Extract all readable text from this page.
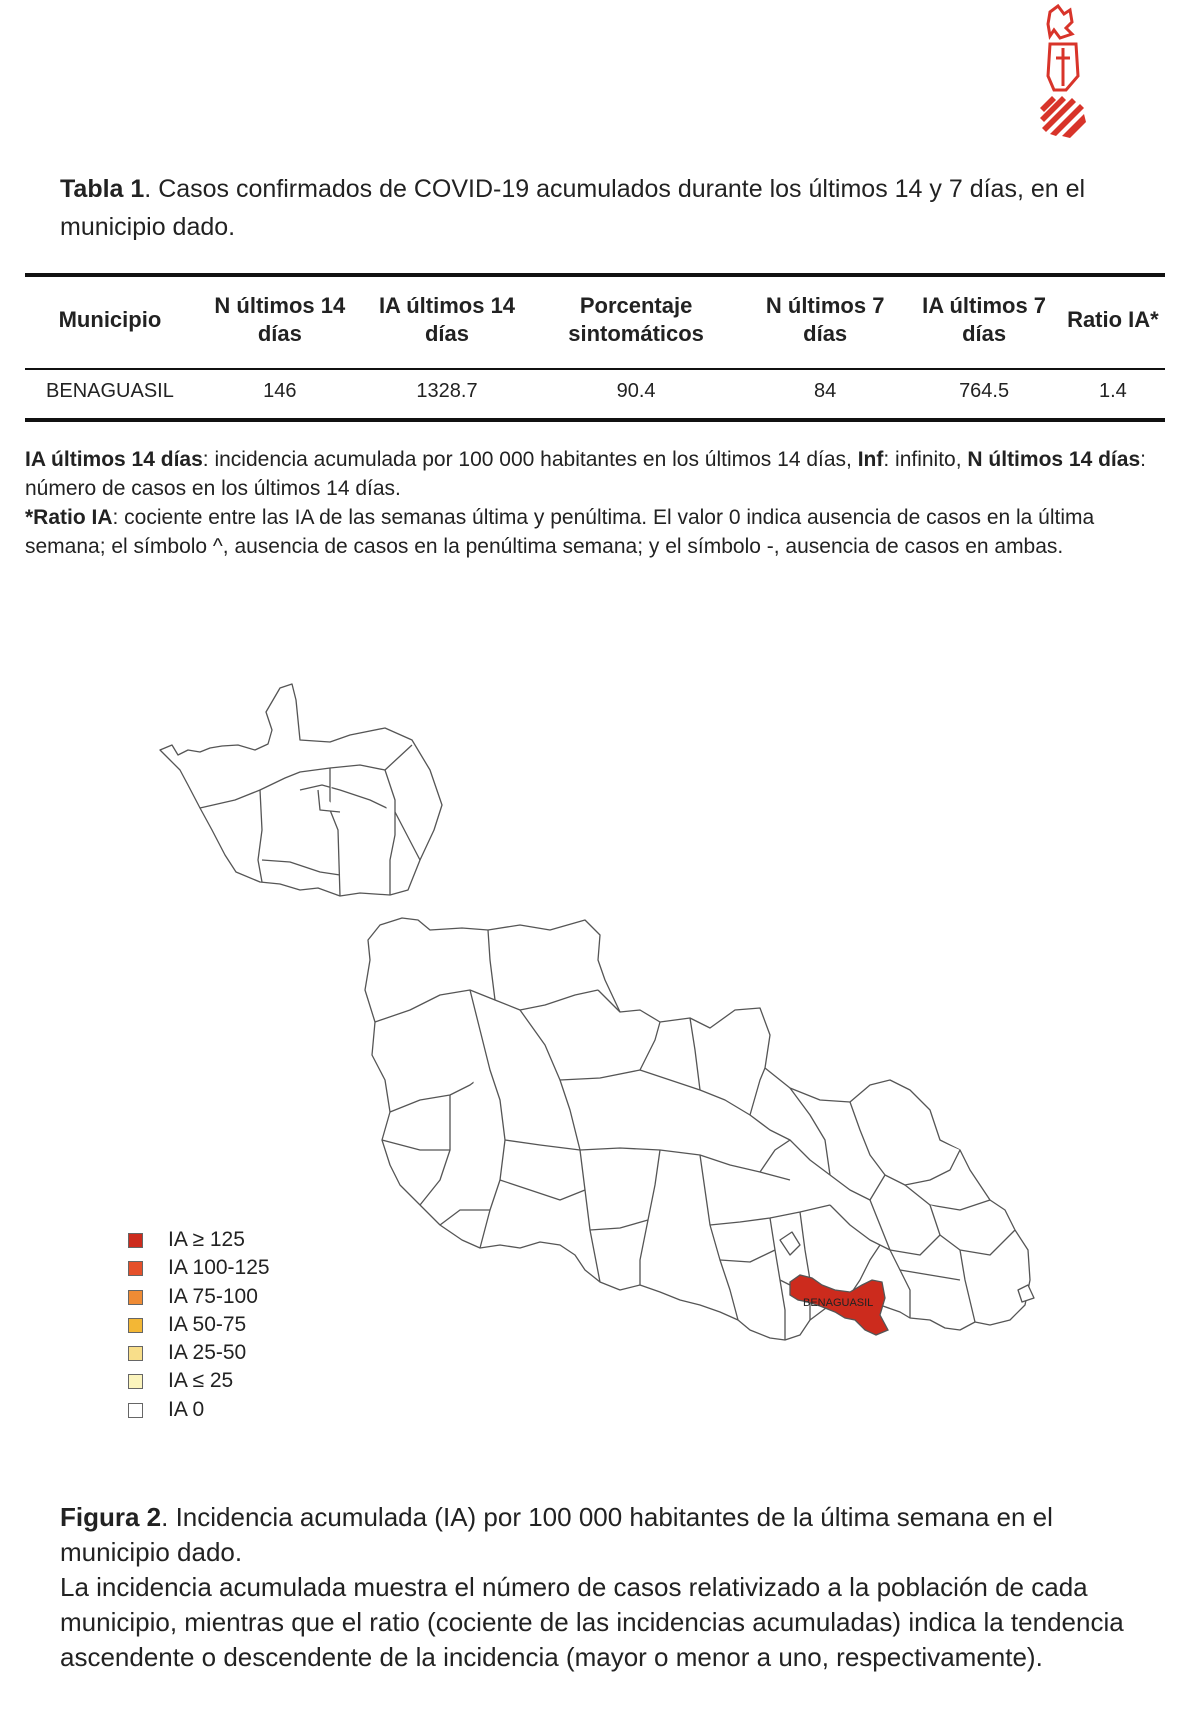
Tabla 1. Casos confirmados de COVID-19 acumulados durante los últimos 14 y 7 días, en el municipio dado.
Municipio	N últimos 14 días	IA últimos 14 días	Porcentaje sintomáticos	N últimos 7 días	IA últimos 7 días	Ratio IA*
BENAGUASIL	146	1328.7	90.4	84	764.5	1.4

IA últimos 14 días: incidencia acumulada por 100 000 habitantes en los últimos 14 días, Inf: infinito, N últimos 14 días: número de casos en los últimos 14 días.

*Ratio IA: cociente entre las IA de las semanas última y penúltima. El valor 0 indica ausencia de casos en la última semana; el símbolo ^, ausencia de casos en la penúltima semana; y el símbolo -, ausencia de casos en ambas.

BENAGUASIL
IA ≥ 125
IA 100-125
IA 75-100
IA 50-75
IA 25-50
IA ≤ 25
IA 0

Figura 2. Incidencia acumulada (IA) por 100 000 habitantes de la última semana en el municipio dado.

La incidencia acumulada muestra el número de casos relativizado a la población de cada municipio, mientras que el ratio (cociente de las incidencias acumuladas) indica la tendencia ascendente o descendente de la incidencia (mayor o menor a uno, respectivamente).
